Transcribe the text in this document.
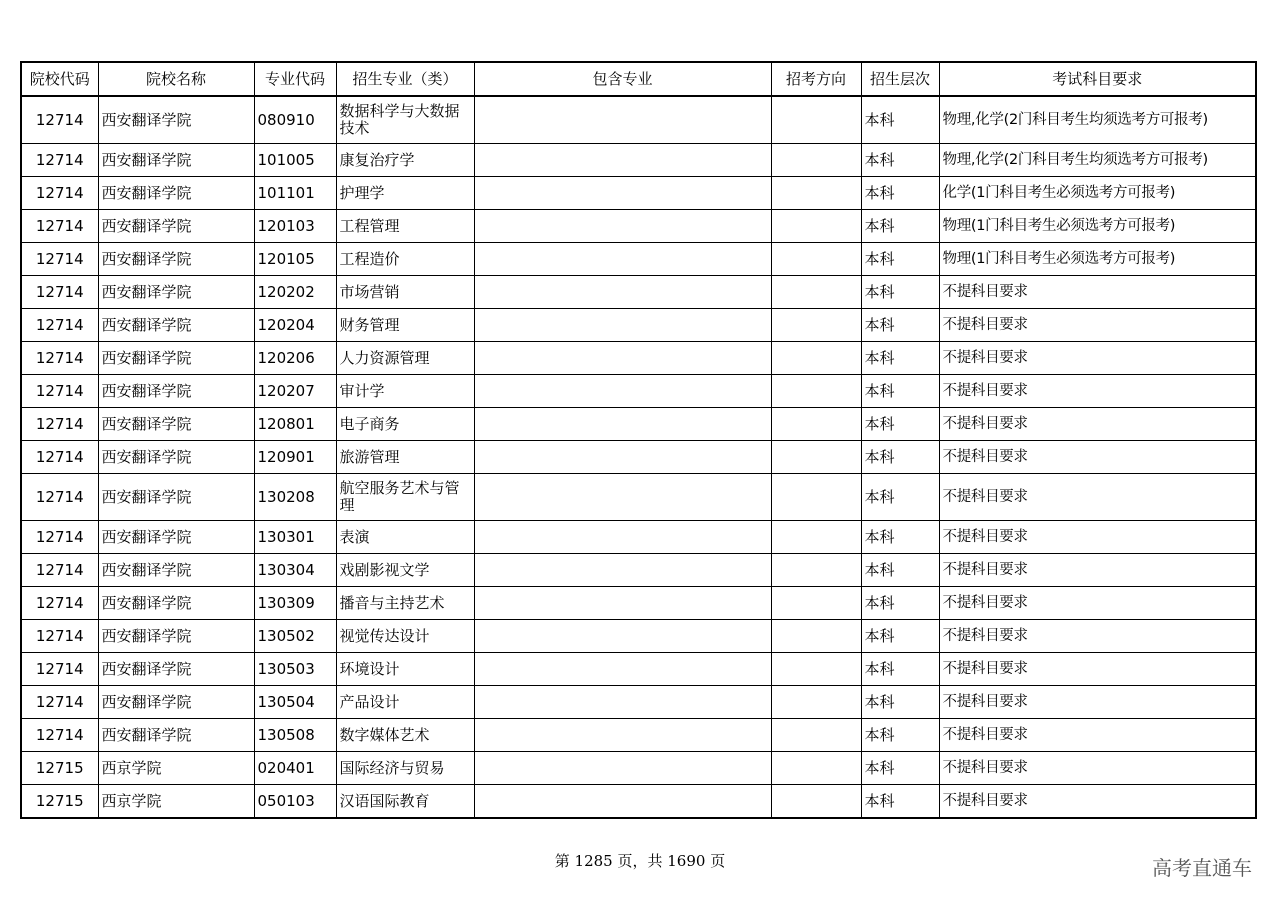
院校代码	院校名称	专业代码	招生专业（类）	包含专业	招考方向	招生层次	考试科目要求
12714	西安翻译学院	080910	数据科学与大数据技术			本科	物理,化学(2门科目考生均须选考方可报考)
12714	西安翻译学院	101005	康复治疗学			本科	物理,化学(2门科目考生均须选考方可报考)
12714	西安翻译学院	101101	护理学			本科	化学(1门科目考生必须选考方可报考)
12714	西安翻译学院	120103	工程管理			本科	物理(1门科目考生必须选考方可报考)
12714	西安翻译学院	120105	工程造价			本科	物理(1门科目考生必须选考方可报考)
12714	西安翻译学院	120202	市场营销			本科	不提科目要求
12714	西安翻译学院	120204	财务管理			本科	不提科目要求
12714	西安翻译学院	120206	人力资源管理			本科	不提科目要求
12714	西安翻译学院	120207	审计学			本科	不提科目要求
12714	西安翻译学院	120801	电子商务			本科	不提科目要求
12714	西安翻译学院	120901	旅游管理			本科	不提科目要求
12714	西安翻译学院	130208	航空服务艺术与管理			本科	不提科目要求
12714	西安翻译学院	130301	表演			本科	不提科目要求
12714	西安翻译学院	130304	戏剧影视文学			本科	不提科目要求
12714	西安翻译学院	130309	播音与主持艺术			本科	不提科目要求
12714	西安翻译学院	130502	视觉传达设计			本科	不提科目要求
12714	西安翻译学院	130503	环境设计			本科	不提科目要求
12714	西安翻译学院	130504	产品设计			本科	不提科目要求
12714	西安翻译学院	130508	数字媒体艺术			本科	不提科目要求
12715	西京学院	020401	国际经济与贸易			本科	不提科目要求
12715	西京学院	050103	汉语国际教育			本科	不提科目要求
第 1285 页，共 1690 页	高考直通车
